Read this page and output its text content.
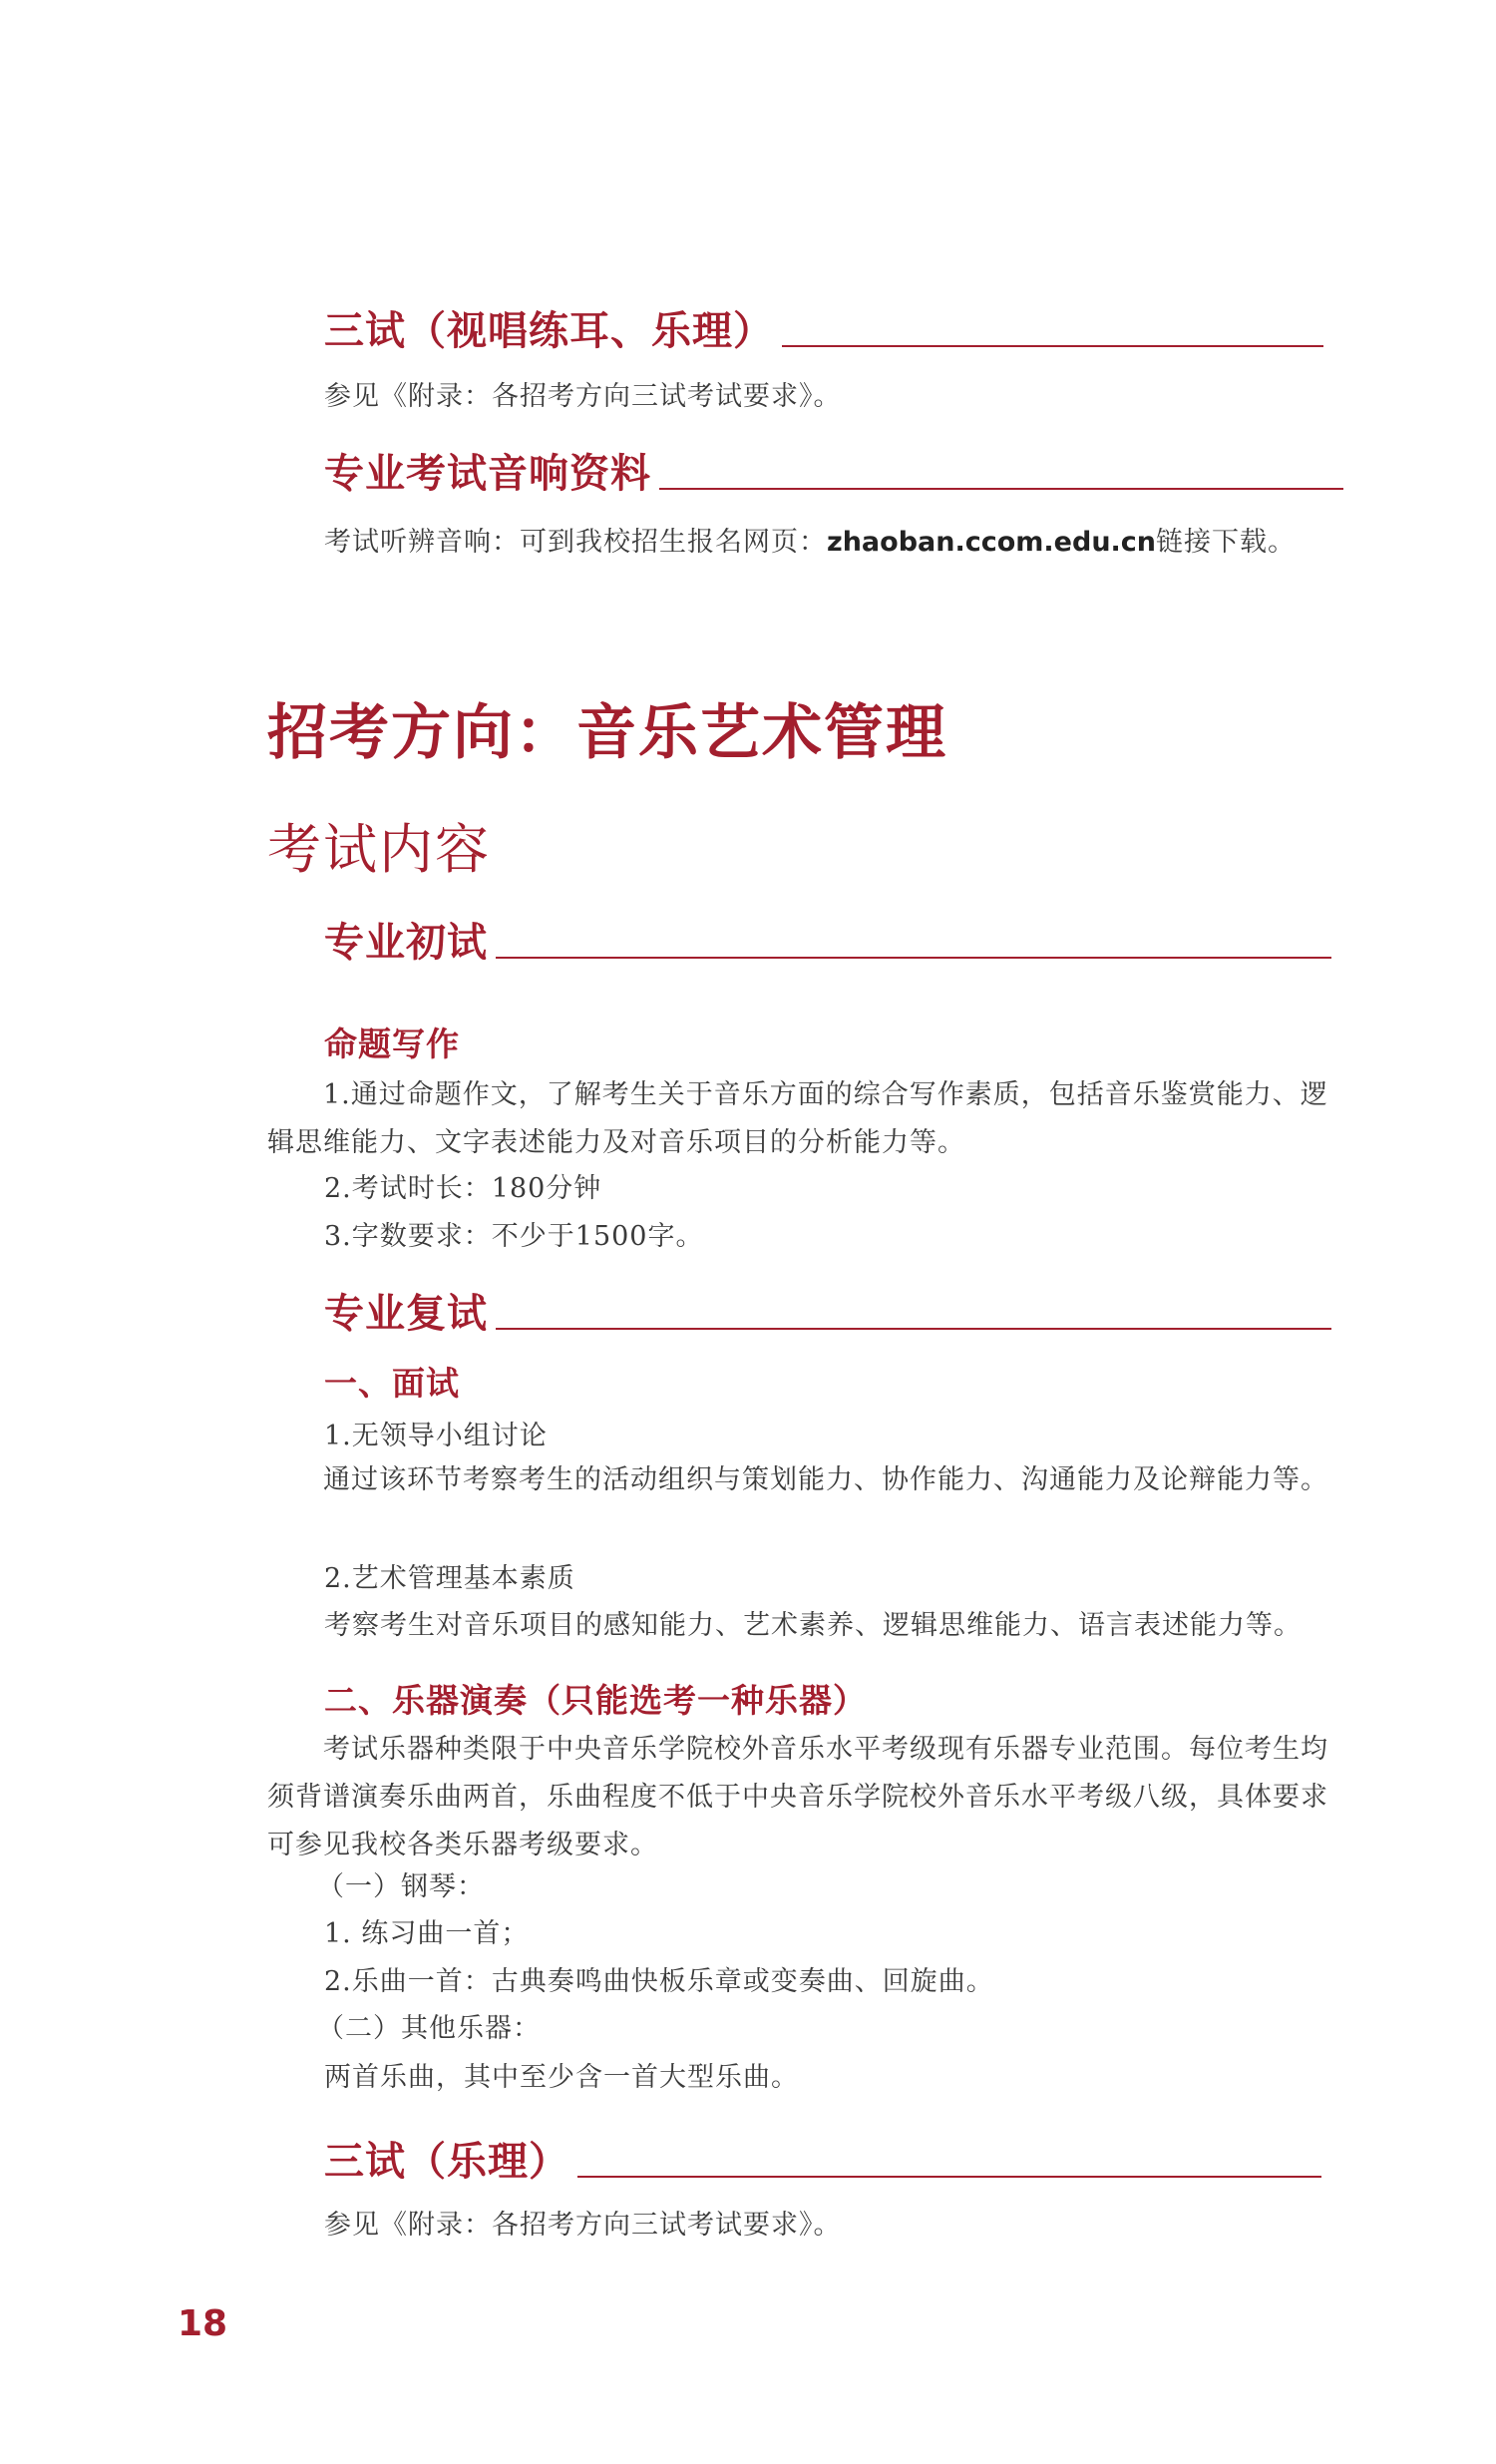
三试（视唱练耳、乐理）
参见《附录：各招考方向三试考试要求》。
专业考试音响资料
考试听辨音响：可到我校招生报名网页：zhaoban.ccom.edu.cn链接下载。
招考方向：音乐艺术管理
考试内容
专业初试
命题写作
1.通过命题作文，了解考生关于音乐方面的综合写作素质，包括音乐鉴赏能力、逻辑思维能力、文字表述能力及对音乐项目的分析能力等。
2.考试时长：180分钟
3.字数要求：不少于1500字。
专业复试
一、面试
1.无领导小组讨论
通过该环节考察考生的活动组织与策划能力、协作能力、沟通能力及论辩能力等。
2.艺术管理基本素质
考察考生对音乐项目的感知能力、艺术素养、逻辑思维能力、语言表述能力等。
二、乐器演奏（只能选考一种乐器）
考试乐器种类限于中央音乐学院校外音乐水平考级现有乐器专业范围。每位考生均须背谱演奏乐曲两首，乐曲程度不低于中央音乐学院校外音乐水平考级八级，具体要求可参见我校各类乐器考级要求。
（一）钢琴：
1. 练习曲一首；
2.乐曲一首：古典奏鸣曲快板乐章或变奏曲、回旋曲。
（二）其他乐器：
两首乐曲，其中至少含一首大型乐曲。
三试（乐理）
参见《附录：各招考方向三试考试要求》。
18
